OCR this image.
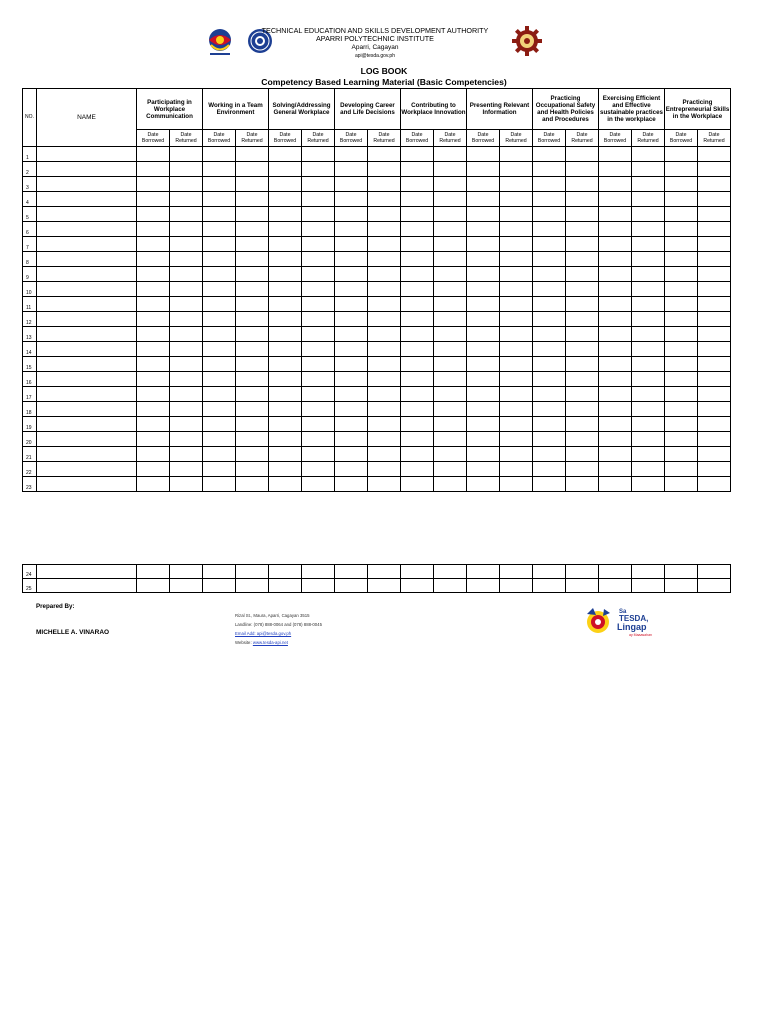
TECHNICAL EDUCATION AND SKILLS DEVELOPMENT AUTHORITY
APARRI POLYTECHNIC INSTITUTE
Aparri, Cagayan
api@tesda.gov.ph
LOG BOOK
Competency Based Learning Material (Basic Competencies)
NO.	NAME	Participating in Workplace Communication		Working in a Team Environment		Solving/Addressing General Workplace		Developing Career and Life Decisions		Contributing to Workplace Innovation		Presenting Relevant Information		Practicing Occupational Safety and Health Policies and Procedures		Exercising Efficient and Effective sustainable practices in the workplace		Practicing Entrepreneurial Skills in the Workplace	
		Date Borrowed	Date Returned	Date Borrowed	Date Returned	Date Borrowed	Date Returned	Date Borrowed	Date Returned	Date Borrowed	Date Returned	Date Borrowed	Date Returned	Date Borrowed	Date Returned	Date Borrowed	Date Returned	Date Borrowed	Date Returned
1																			
2																			
3																			
4																			
5																			
6																			
7																			
8																			
9																			
10																			
11																			
12																			
13																			
14																			
15																			
16																			
17																			
18																			
19																			
20																			
21																			
22																			
23																			
24																			
25																			
Prepared By:
MICHELLE A. VINARAO
Rizal St., Maura, Aparri, Cagayan 3515
Landline: (078) 888-0064 and (078) 888-0045
Email Add: api@tesda.gov.ph
Website: www.tesda-api.net
Sa
TESDA,
Lingap
ay Maaasahan
